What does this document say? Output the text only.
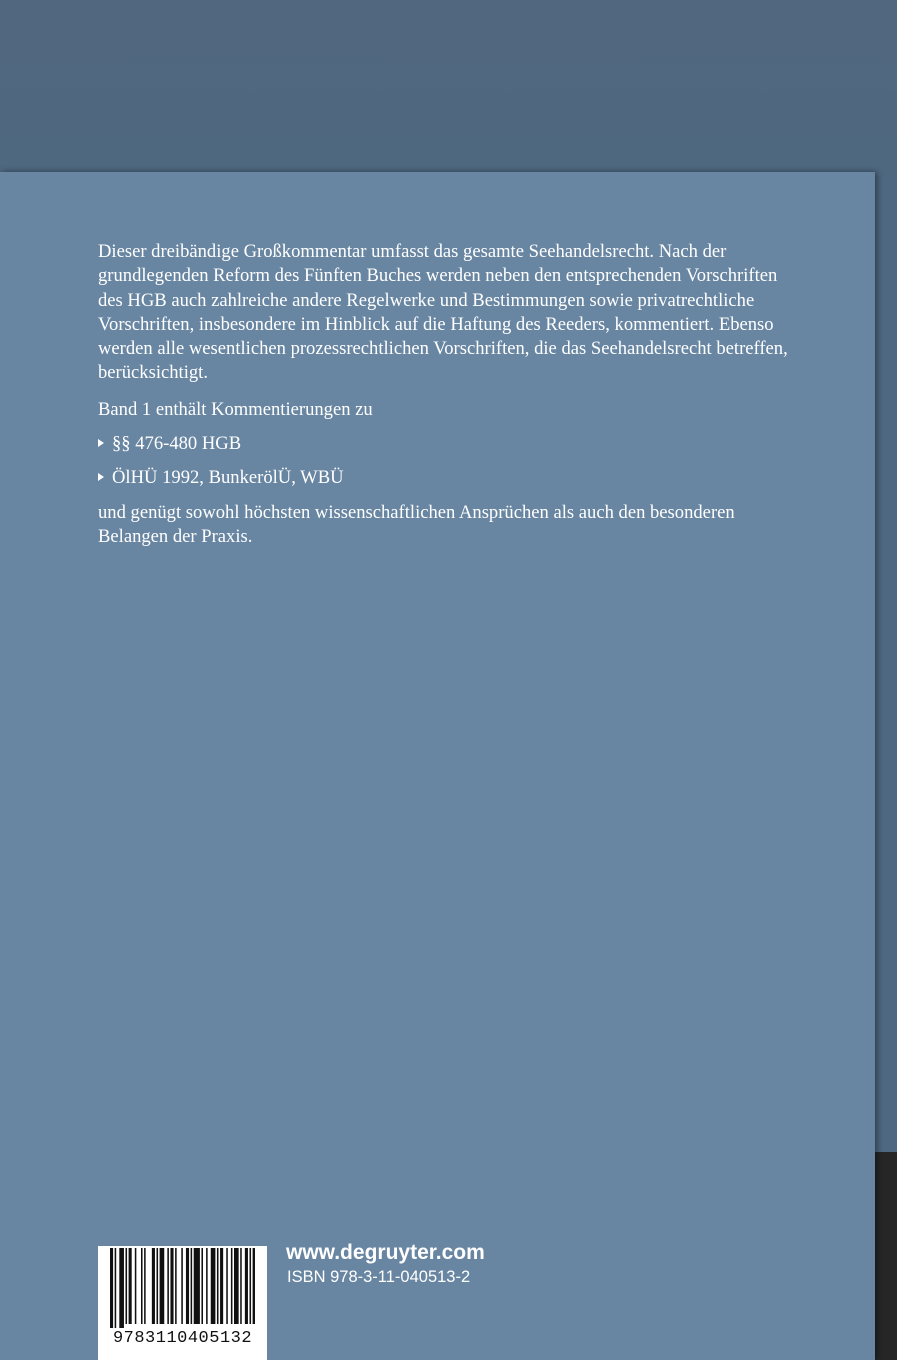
Dieser dreibändige Großkommentar umfasst das gesamte Seehandelsrecht. Nach der grundlegenden Reform des Fünften Buches werden neben den entsprechenden Vorschriften des HGB auch zahlreiche andere Regelwerke und Bestimmungen sowie privatrechtliche Vorschriften, insbesondere im Hinblick auf die Haftung des Reeders, kommentiert. Ebenso werden alle wesentlichen prozessrechtlichen Vorschriften, die das Seehandelsrecht betreffen, berücksichtigt.

Band 1 enthält Kommentierungen zu

§§ 476-480 HGB
ÖlHÜ 1992, BunkerölÜ, WBÜ

und genügt sowohl höchsten wissenschaftlichen Ansprüchen als auch den besonderen Belangen der Praxis.

9783110405132
www.degruyter.com
ISBN 978-3-11-040513-2
